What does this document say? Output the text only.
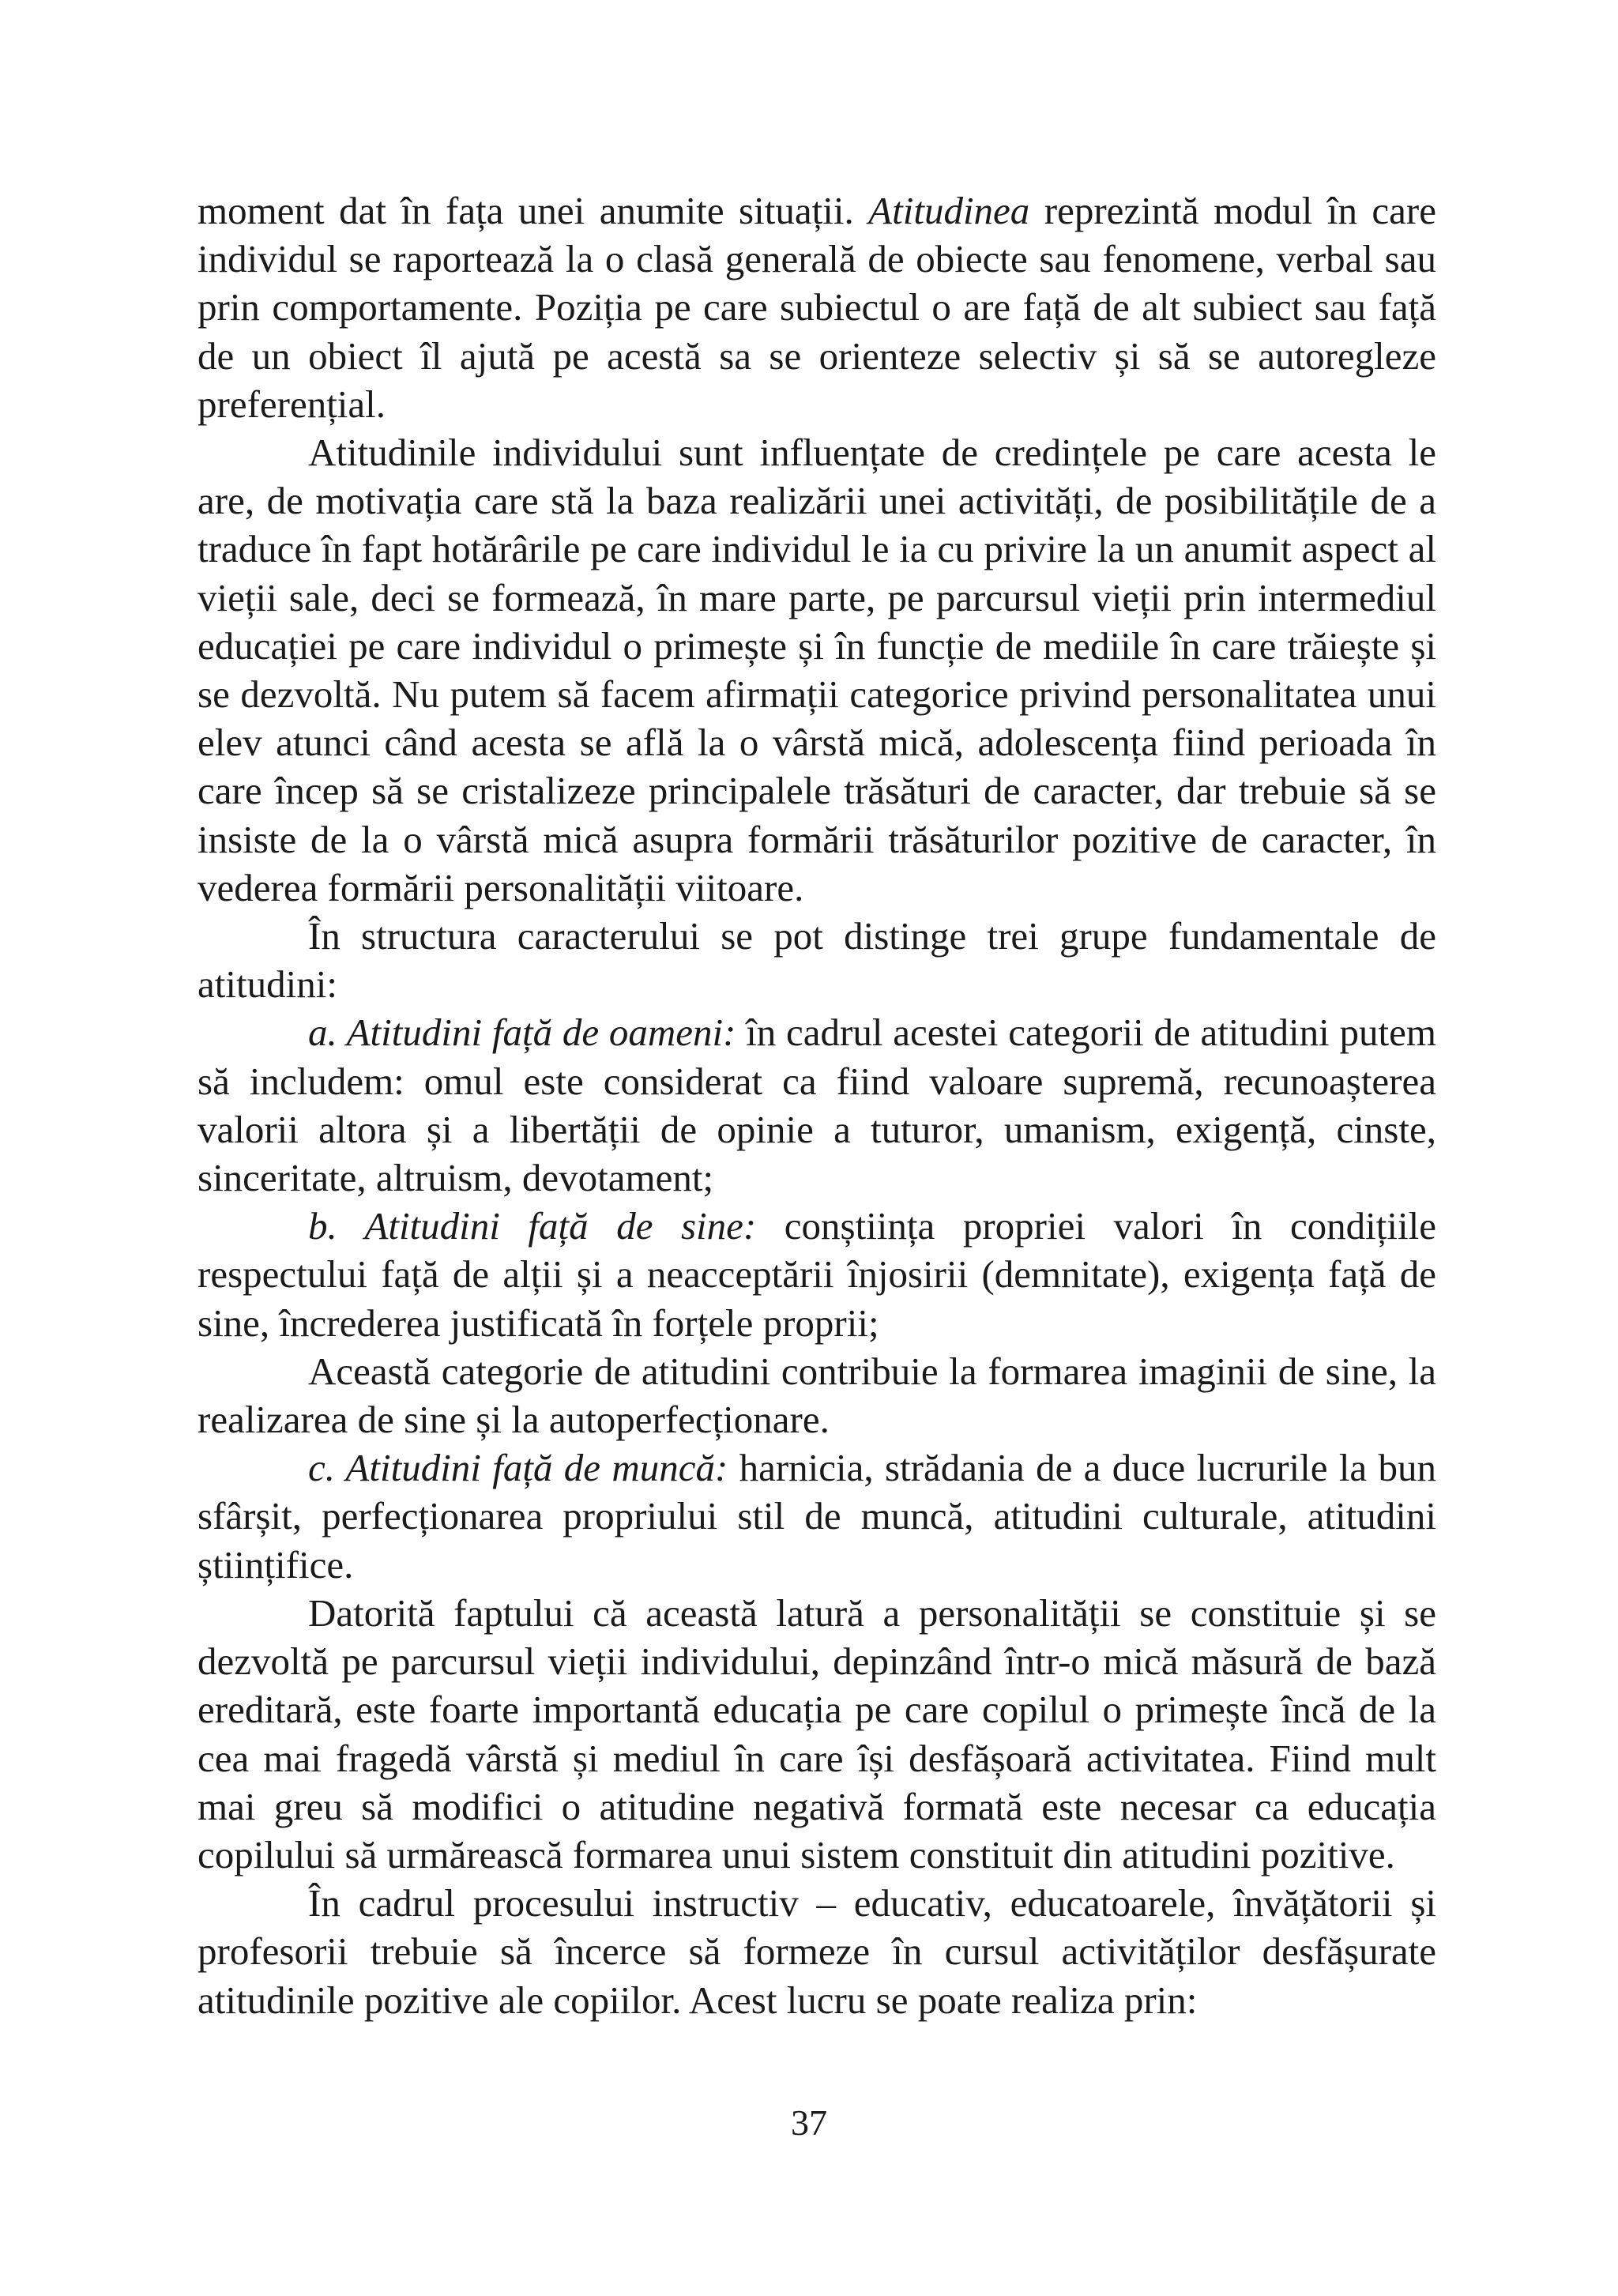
moment dat în fața unei anumite situații. Atitudinea reprezintă modul în care individul se raportează la o clasă generală de obiecte sau fenomene, verbal sau prin comportamente. Poziția pe care subiectul o are față de alt subiect sau față de un obiect îl ajută pe acestă sa se orienteze selectiv și să se autoregleze preferențial.

Atitudinile individului sunt influențate de credințele pe care acesta le are, de motivația care stă la baza realizării unei activități, de posibilitățile de a traduce în fapt hotărârile pe care individul le ia cu privire la un anumit aspect al vieții sale, deci se formează, în mare parte, pe parcursul vieții prin intermediul educației pe care individul o primește și în funcție de mediile în care trăiește și se dezvoltă. Nu putem să facem afirmații categorice privind personalitatea unui elev atunci când acesta se află la o vârstă mică, adolescența fiind perioada în care încep să se cristalizeze principalele trăsături de caracter, dar trebuie să se insiste de la o vârstă mică asupra formării trăsăturilor pozitive de caracter, în vederea formării personalității viitoare.

În structura caracterului se pot distinge trei grupe fundamentale de atitudini:

a. Atitudini față de oameni: în cadrul acestei categorii de atitudini putem să includem: omul este considerat ca fiind valoare supremă, recunoașterea valorii altora și a libertății de opinie a tuturor, umanism, exigență, cinste, sinceritate, altruism, devotament;

b. Atitudini față de sine: conștiința propriei valori în condițiile respectului față de alții și a neacceptării înjosirii (demnitate), exigența față de sine, încrederea justificată în forțele proprii;

Această categorie de atitudini contribuie la formarea imaginii de sine, la realizarea de sine și la autoperfecționare.

c. Atitudini față de muncă: harnicia, strădania de a duce lucrurile la bun sfârșit, perfecționarea propriului stil de muncă, atitudini culturale, atitudini științifice.

Datorită faptului că această latură a personalității se constituie și se dezvoltă pe parcursul vieții individului, depinzând într-o mică măsură de bază ereditară, este foarte importantă educația pe care copilul o primește încă de la cea mai fragedă vârstă și mediul în care își desfășoară activitatea. Fiind mult mai greu să modifici o atitudine negativă formată este necesar ca educația copilului să urmărească formarea unui sistem constituit din atitudini pozitive.

În cadrul procesului instructiv – educativ, educatoarele, învățătorii și profesorii trebuie să încerce să formeze în cursul activităților desfășurate atitudinile pozitive ale copiilor. Acest lucru se poate realiza prin:

37
